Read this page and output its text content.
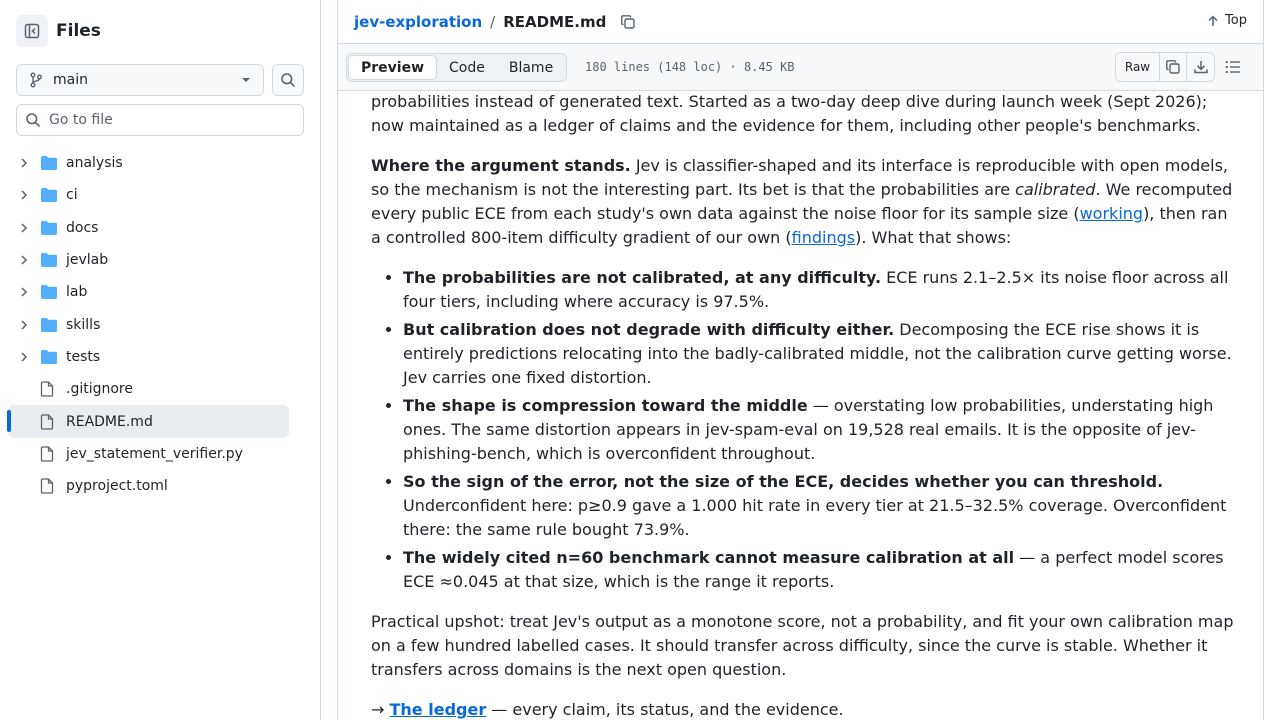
Files
main
Go to file
analysis
ci
docs
jevlab
lab
skills
tests
.gitignore
README.md
jev_statement_verifier.py
pyproject.toml
jev-exploration / README.md	Top
Preview	Code	Blame	180 lines (148 loc) · 8.45 KB	Raw

probabilities instead of generated text. Started as a two-day deep dive during launch week (Sept 2026); now maintained as a ledger of claims and the evidence for them, including other people's benchmarks.

Where the argument stands. Jev is classifier-shaped and its interface is reproducible with open models, so the mechanism is not the interesting part. Its bet is that the probabilities are calibrated. We recomputed every public ECE from each study's own data against the noise floor for its sample size (working), then ran a controlled 800-item difficulty gradient of our own (findings). What that shows:

• The probabilities are not calibrated, at any difficulty. ECE runs 2.1–2.5× its noise floor across all four tiers, including where accuracy is 97.5%.
• But calibration does not degrade with difficulty either. Decomposing the ECE rise shows it is entirely predictions relocating into the badly-calibrated middle, not the calibration curve getting worse. Jev carries one fixed distortion.
• The shape is compression toward the middle — overstating low probabilities, understating high ones. The same distortion appears in jev-spam-eval on 19,528 real emails. It is the opposite of jev-phishing-bench, which is overconfident throughout.
• So the sign of the error, not the size of the ECE, decides whether you can threshold. Underconfident here: p≥0.9 gave a 1.000 hit rate in every tier at 21.5–32.5% coverage. Overconfident there: the same rule bought 73.9%.
• The widely cited n=60 benchmark cannot measure calibration at all — a perfect model scores ECE ≈0.045 at that size, which is the range it reports.

Practical upshot: treat Jev's output as a monotone score, not a probability, and fit your own calibration map on a few hundred labelled cases. It should transfer across difficulty, since the curve is stable. Whether it transfers across domains is the next open question.

→ The ledger — every claim, its status, and the evidence.
